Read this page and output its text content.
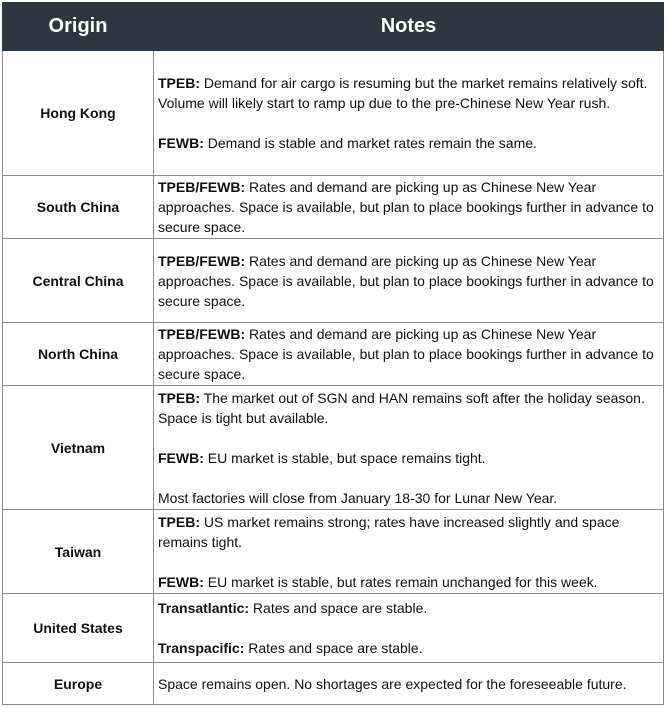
Origin	Notes
Hong Kong	TPEB: Demand for air cargo is resuming but the market remains relatively soft. Volume will likely start to ramp up due to the pre-Chinese New Year rush.

FEWB: Demand is stable and market rates remain the same.

South China	TPEB/FEWB: Rates and demand are picking up as Chinese New Year approaches. Space is available, but plan to place bookings further in advance to secure space.

Central China	TPEB/FEWB: Rates and demand are picking up as Chinese New Year approaches. Space is available, but plan to place bookings further in advance to secure space.

North China	TPEB/FEWB: Rates and demand are picking up as Chinese New Year approaches. Space is available, but plan to place bookings further in advance to secure space.

Vietnam	TPEB: The market out of SGN and HAN remains soft after the holiday season. Space is tight but available.

FEWB: EU market is stable, but space remains tight.

Most factories will close from January 18-30 for Lunar New Year.

Taiwan	TPEB: US market remains strong; rates have increased slightly and space remains tight.

FEWB: EU market is stable, but rates remain unchanged for this week.

United States	Transatlantic: Rates and space are stable.

Transpacific: Rates and space are stable.

Europe	Space remains open. No shortages are expected for the foreseeable future.
